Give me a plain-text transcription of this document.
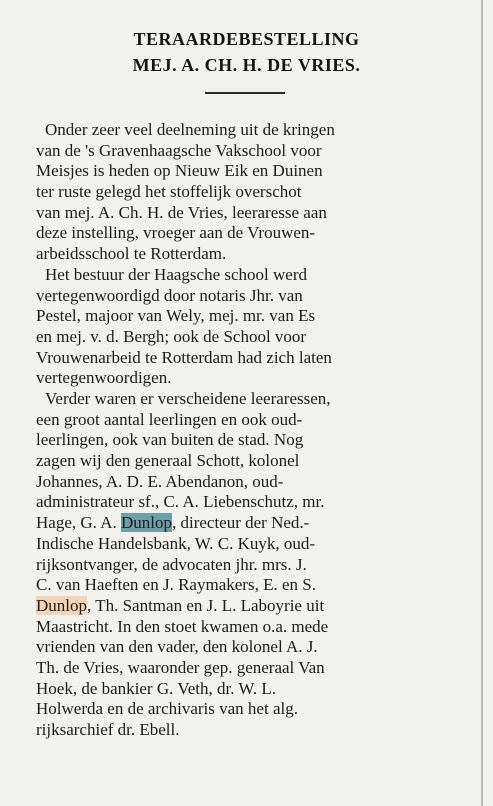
TERAARDEBESTELLING
MEJ. A. CH. H. DE VRIES.
Onder zeer veel deelneming uit de kringen
van de 's Gravenhaagsche Vakschool voor
Meisjes is heden op Nieuw Eik en Duinen
ter ruste gelegd het stoffelijk overschot
van mej. A. Ch. H. de Vries, leeraresse aan
deze instelling, vroeger aan de Vrouwen-
arbeidsschool te Rotterdam.
Het bestuur der Haagsche school werd
vertegenwoordigd door notaris Jhr. van
Pestel, majoor van Wely, mej. mr. van Es
en mej. v. d. Bergh; ook de School voor
Vrouwenarbeid te Rotterdam had zich laten
vertegenwoordigen.
Verder waren er verscheidene leeraressen,
een groot aantal leerlingen en ook oud-
leerlingen, ook van buiten de stad. Nog
zagen wij den generaal Schott, kolonel
Johannes, A. D. E. Abendanon, oud-
administrateur sf., C. A. Liebenschutz, mr.
Hage, G. A. Dunlop, directeur der Ned.-
Indische Handelsbank, W. C. Kuyk, oud-
rijksontvanger, de advocaten jhr. mrs. J.
C. van Haeften en J. Raymakers, E. en S.
Dunlop, Th. Santman en J. L. Laboyrie uit
Maastricht. In den stoet kwamen o.a. mede
vrienden van den vader, den kolonel A. J.
Th. de Vries, waaronder gep. generaal Van
Hoek, de bankier G. Veth, dr. W. L.
Holwerda en de archivaris van het alg.
rijksarchief dr. Ebell.
